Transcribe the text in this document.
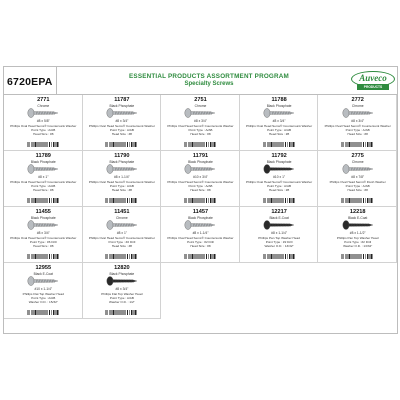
6720EPA	ESSENTIAL PRODUCTS ASSORTMENT PROGRAM
Specialty Screws
Auveco
PRODUCTS
2771
Chrome
#8 x 5/8"
Phillips Oval Head Sems® Countersunk Washer
Point Type : A/AB
Head Size : #8
11787
Black Phosphate
#8 x 3/4"
Phillips Oval Head Sems® Countersunk Washer
Point Type : A/AB
Head Size : #8
2751
Chrome
#8 x 3/4"
Phillips Oval Head Sems® Countersunk Washer
Point Type : A/AB
Head Size : #8
11788
Black Phosphate
#8 x 3/4"
Phillips Oval Head Sems® Countersunk Washer
Point Type : A/AB
Head Size : #8
2772
Chrome
#8 x 3/4"
Phillips Oval Head Sems® Countersunk Washer
Point Type : A/AB
Head Size : #8
11789
Black Phosphate
#8 x 1"
Phillips Oval Head Sems® Countersunk Washer
Point Type : A/AB
Head Size : #8
11790
Black Phosphate
#8 x 1-1/4"
Phillips Oval Head Sems® Countersunk Washer
Point Type : A/AB
Head Size : #8
11791
Black Phosphate
#10 x 3/4"
Phillips Oval Head Sems® Countersunk Washer
Point Type : A/AB
Head Size : #8
11792
Black Phosphate
#10 x 1"
Phillips Oval Head Sems® Countersunk Washer
Point Type : A/AB
Head Size : #8
2775
Chrome
#8 x 7/8"
Phillips Oval Head Sems® Flush Washer
Point Type : A/AB
Head Size : #8
11455
Black Phosphate
#8 x 3/4"
Phillips Oval Head Sems® Countersunk Washer
Point Type : #6 Drill
Head Size : #8
11451
Chrome
#8 x 1"
Phillips Oval Head Sems® Countersunk Washer
Point Type : #2 Drill
Head Size : #8
11457
Black Phosphate
#8 x 1-1/4"
Phillips Oval Head Sems® Countersunk Washer
Point Type : #2 Drill
Head Size : #8
12217
Black E-Coat
#8 x 1-1/4"
Phillips Pan Top Washer Head
Point Type : #2 Drill
Washer O.D. : 13/32"
12218
Black E-Coat
#8 x 1-1/2"
Phillips Pan Top Washer Head
Point Type : #2 Drill
Washer O.D. : 13/32"
12955
Black E-Coat
#10 x 1-1/4"
Phillips Flat Top Washer Head
Point Type : A/AB
Washer O.D. : 15/32"
12820
Black Phosphate
#8 x 3/4"
Phillips Flat Top Washer Head
Point Type : A/AB
Washer O.D. : 1/2"
